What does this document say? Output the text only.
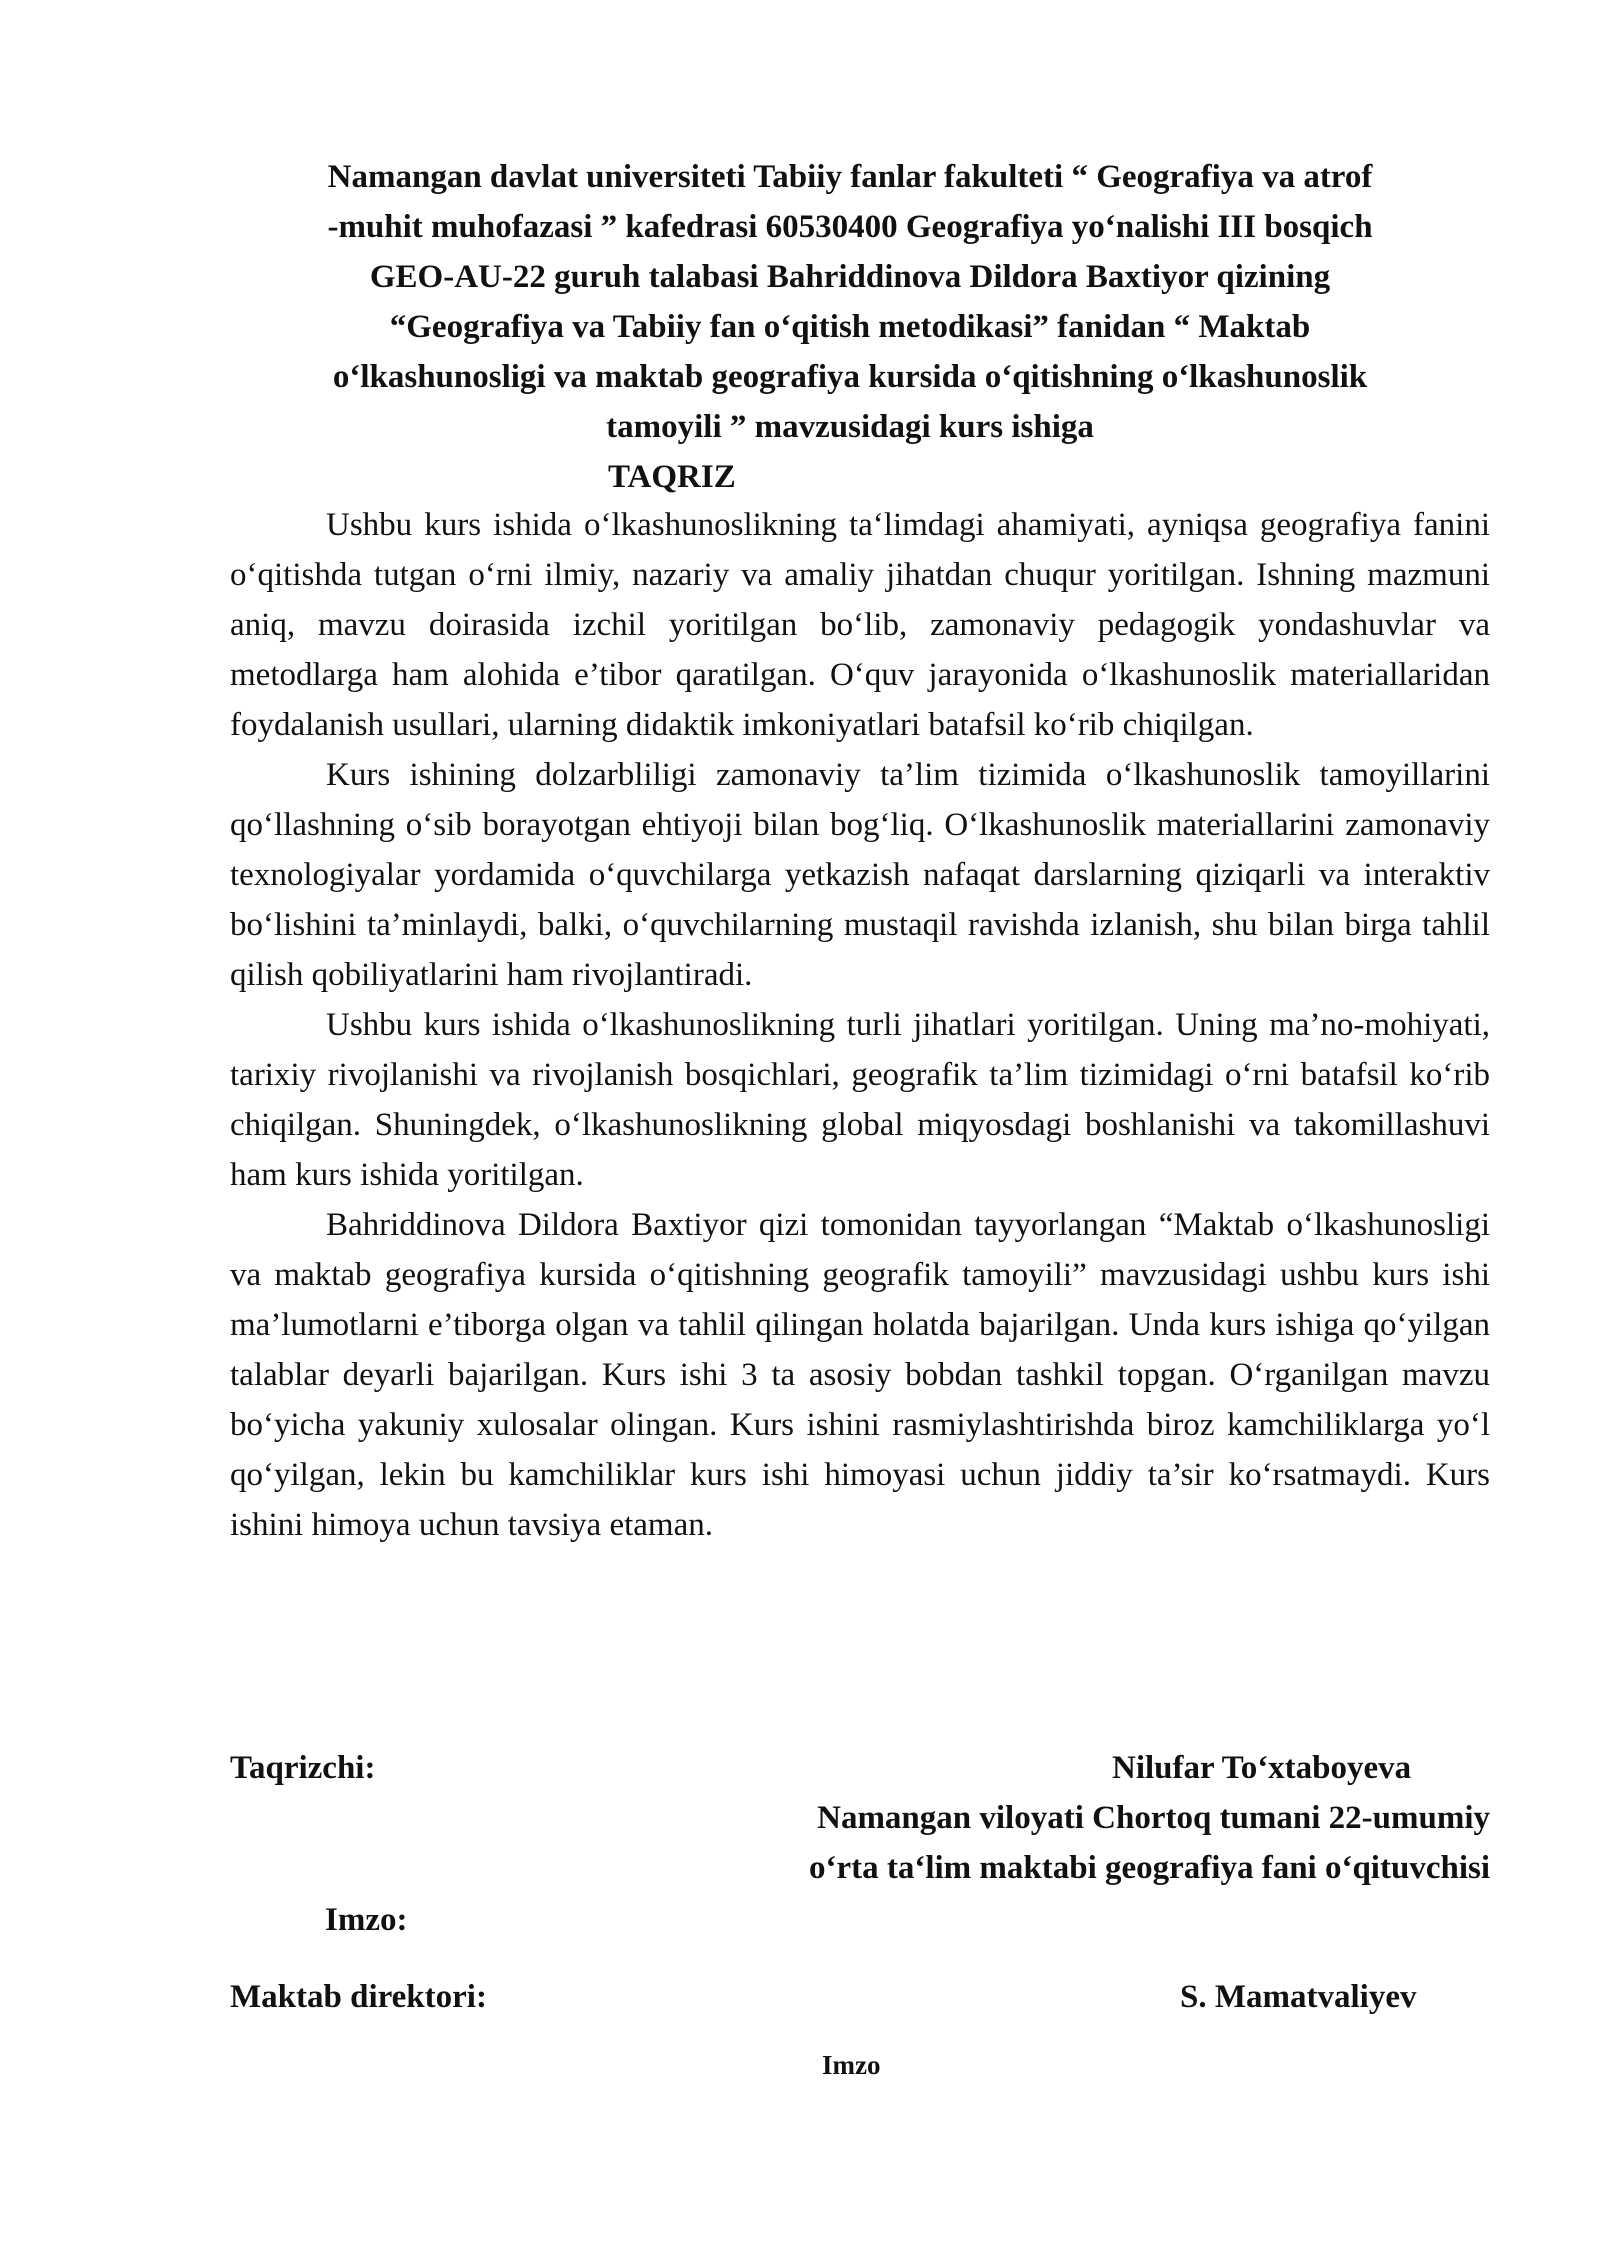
Namangan davlat universiteti Tabiiy fanlar fakulteti “ Geografiya va atrof
-muhit muhofazasi ” kafedrasi 60530400 Geografiya yo‘nalishi III bosqich
GEO-AU-22 guruh talabasi Bahriddinova Dildora Baxtiyor qizining
“Geografiya va Tabiiy fan o‘qitish metodikasi” fanidan “ Maktab
o‘lkashunosligi va maktab geografiya kursida o‘qitishning o‘lkashunoslik
tamoyili ” mavzusidagi kurs ishiga
TAQRIZ

Ushbu kurs ishida o‘lkashunoslikning ta‘limdagi ahamiyati, ayniqsa geografiya fanini o‘qitishda tutgan o‘rni ilmiy, nazariy va amaliy jihatdan chuqur yoritilgan. Ishning mazmuni aniq, mavzu doirasida izchil yoritilgan bo‘lib, zamonaviy pedagogik yondashuvlar va metodlarga ham alohida e’tibor qaratilgan. O‘quv jarayonida o‘lkashunoslik materiallaridan foydalanish usullari, ularning didaktik imkoniyatlari batafsil ko‘rib chiqilgan.

Kurs ishining dolzarbliligi zamonaviy ta’lim tizimida o‘lkashunoslik tamoyillarini qo‘llashning o‘sib borayotgan ehtiyoji bilan bog‘liq. O‘lkashunoslik materiallarini zamonaviy texnologiyalar yordamida o‘quvchilarga yetkazish nafaqat darslarning qiziqarli va interaktiv bo‘lishini ta’minlaydi, balki, o‘quvchilarning mustaqil ravishda izlanish, shu bilan birga tahlil qilish qobiliyatlarini ham rivojlantiradi.

Ushbu kurs ishida o‘lkashunoslikning turli jihatlari yoritilgan. Uning ma’no-mohiyati, tarixiy rivojlanishi va rivojlanish bosqichlari, geografik ta’lim tizimidagi o‘rni batafsil ko‘rib chiqilgan. Shuningdek, o‘lkashunoslikning global miqyosdagi boshlanishi va takomillashuvi ham kurs ishida yoritilgan.

Bahriddinova Dildora Baxtiyor qizi tomonidan tayyorlangan “Maktab o‘lkashunosligi va maktab geografiya kursida o‘qitishning geografik tamoyili” mavzusidagi ushbu kurs ishi ma’lumotlarni e’tiborga olgan va tahlil qilingan holatda bajarilgan. Unda kurs ishiga qo‘yilgan talablar deyarli bajarilgan. Kurs ishi 3 ta asosiy bobdan tashkil topgan. O‘rganilgan mavzu bo‘yicha yakuniy xulosalar olingan. Kurs ishini rasmiylashtirishda biroz kamchiliklarga yo‘l qo‘yilgan, lekin bu kamchiliklar kurs ishi himoyasi uchun jiddiy ta’sir ko‘rsatmaydi. Kurs ishini himoya uchun tavsiya etaman.

Taqrizchi:	Nilufar To‘xtaboyeva
Namangan viloyati Chortoq tumani 22-umumiy
o‘rta ta‘lim maktabi geografiya fani o‘qituvchisi
Imzo:
Maktab direktori:	S. Mamatvaliyev
Imzo
